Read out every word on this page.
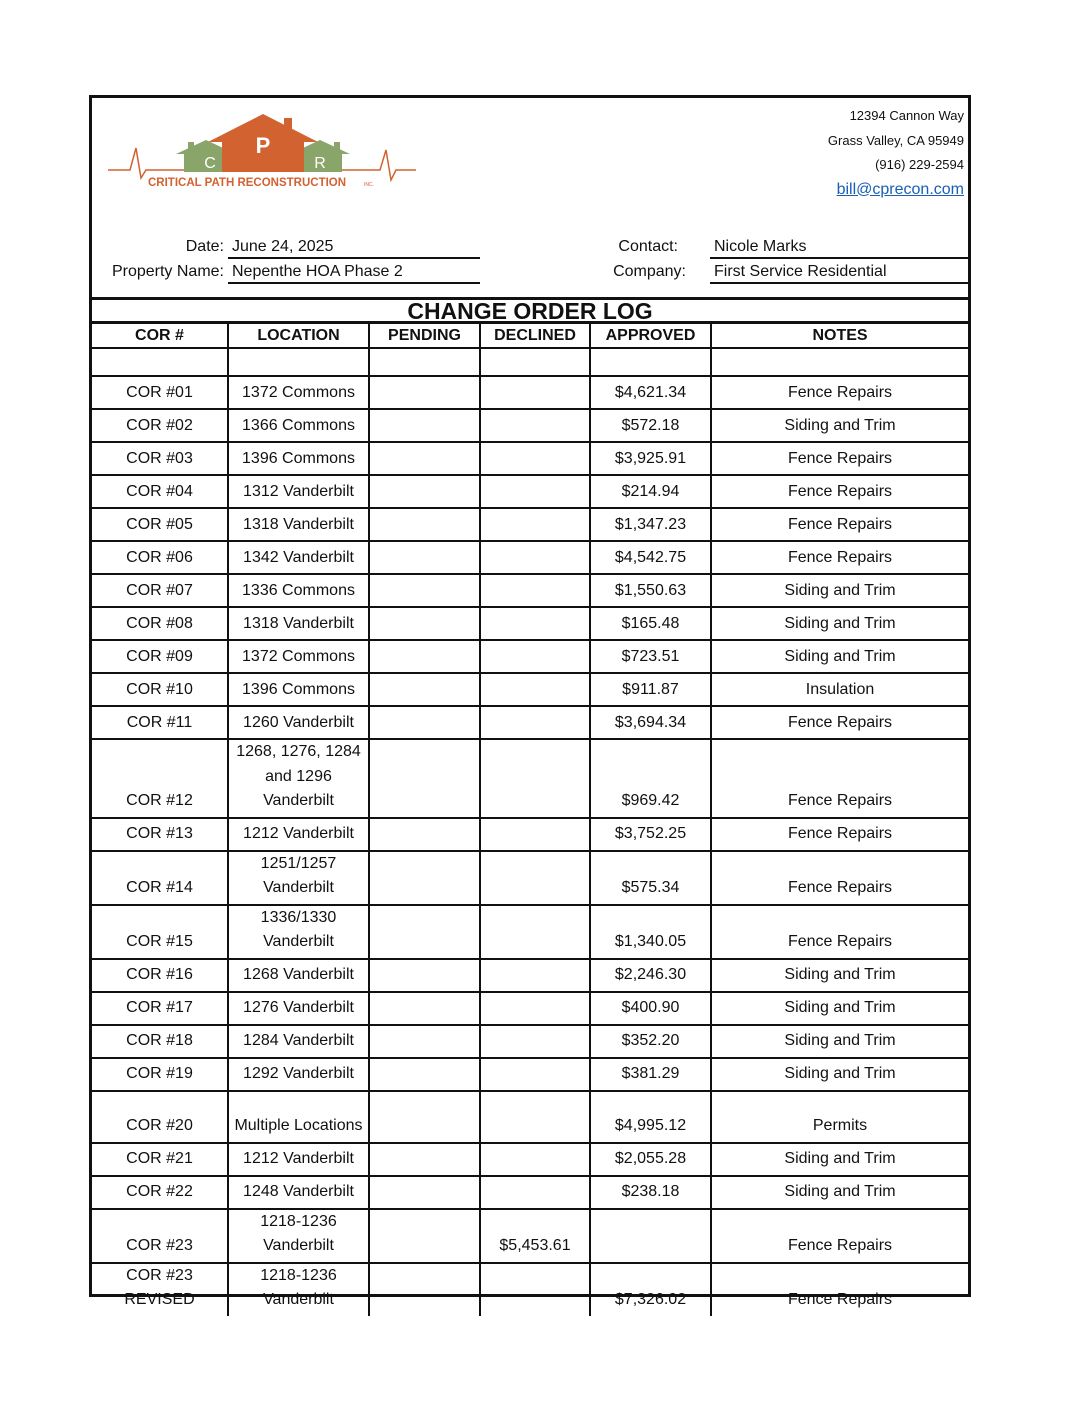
C
P
R
CRITICAL PATH RECONSTRUCTION	INC.
12394 Cannon Way
Grass Valley, CA 95949
(916) 229-2594
bill@cprecon.com
Date: June 24, 2025
Property Name: Nepenthe HOA Phase 2
Contact: Nicole Marks
Company: First Service Residential
CHANGE ORDER LOG
COR #	LOCATION	PENDING	DECLINED	APPROVED	NOTES

COR #01	1372 Commons			$4,621.34	Fence Repairs
COR #02	1366 Commons			$572.18	Siding and Trim
COR #03	1396 Commons			$3,925.91	Fence Repairs
COR #04	1312 Vanderbilt			$214.94	Fence Repairs
COR #05	1318 Vanderbilt			$1,347.23	Fence Repairs
COR #06	1342 Vanderbilt			$4,542.75	Fence Repairs
COR #07	1336 Commons			$1,550.63	Siding and Trim
COR #08	1318 Vanderbilt			$165.48	Siding and Trim
COR #09	1372 Commons			$723.51	Siding and Trim
COR #10	1396 Commons			$911.87	Insulation
COR #11	1260 Vanderbilt			$3,694.34	Fence Repairs
COR #12	1268, 1276, 1284 and 1296 Vanderbilt			$969.42	Fence Repairs
COR #13	1212 Vanderbilt			$3,752.25	Fence Repairs
COR #14	1251/1257 Vanderbilt			$575.34	Fence Repairs
COR #15	1336/1330 Vanderbilt			$1,340.05	Fence Repairs
COR #16	1268 Vanderbilt			$2,246.30	Siding and Trim
COR #17	1276 Vanderbilt			$400.90	Siding and Trim
COR #18	1284 Vanderbilt			$352.20	Siding and Trim
COR #19	1292 Vanderbilt			$381.29	Siding and Trim
COR #20	Multiple Locations			$4,995.12	Permits
COR #21	1212 Vanderbilt			$2,055.28	Siding and Trim
COR #22	1248 Vanderbilt			$238.18	Siding and Trim
COR #23	1218-1236 Vanderbilt		$5,453.61		Fence Repairs
COR #23 REVISED	1218-1236 Vanderbilt			$7,326.02	Fence Repairs
